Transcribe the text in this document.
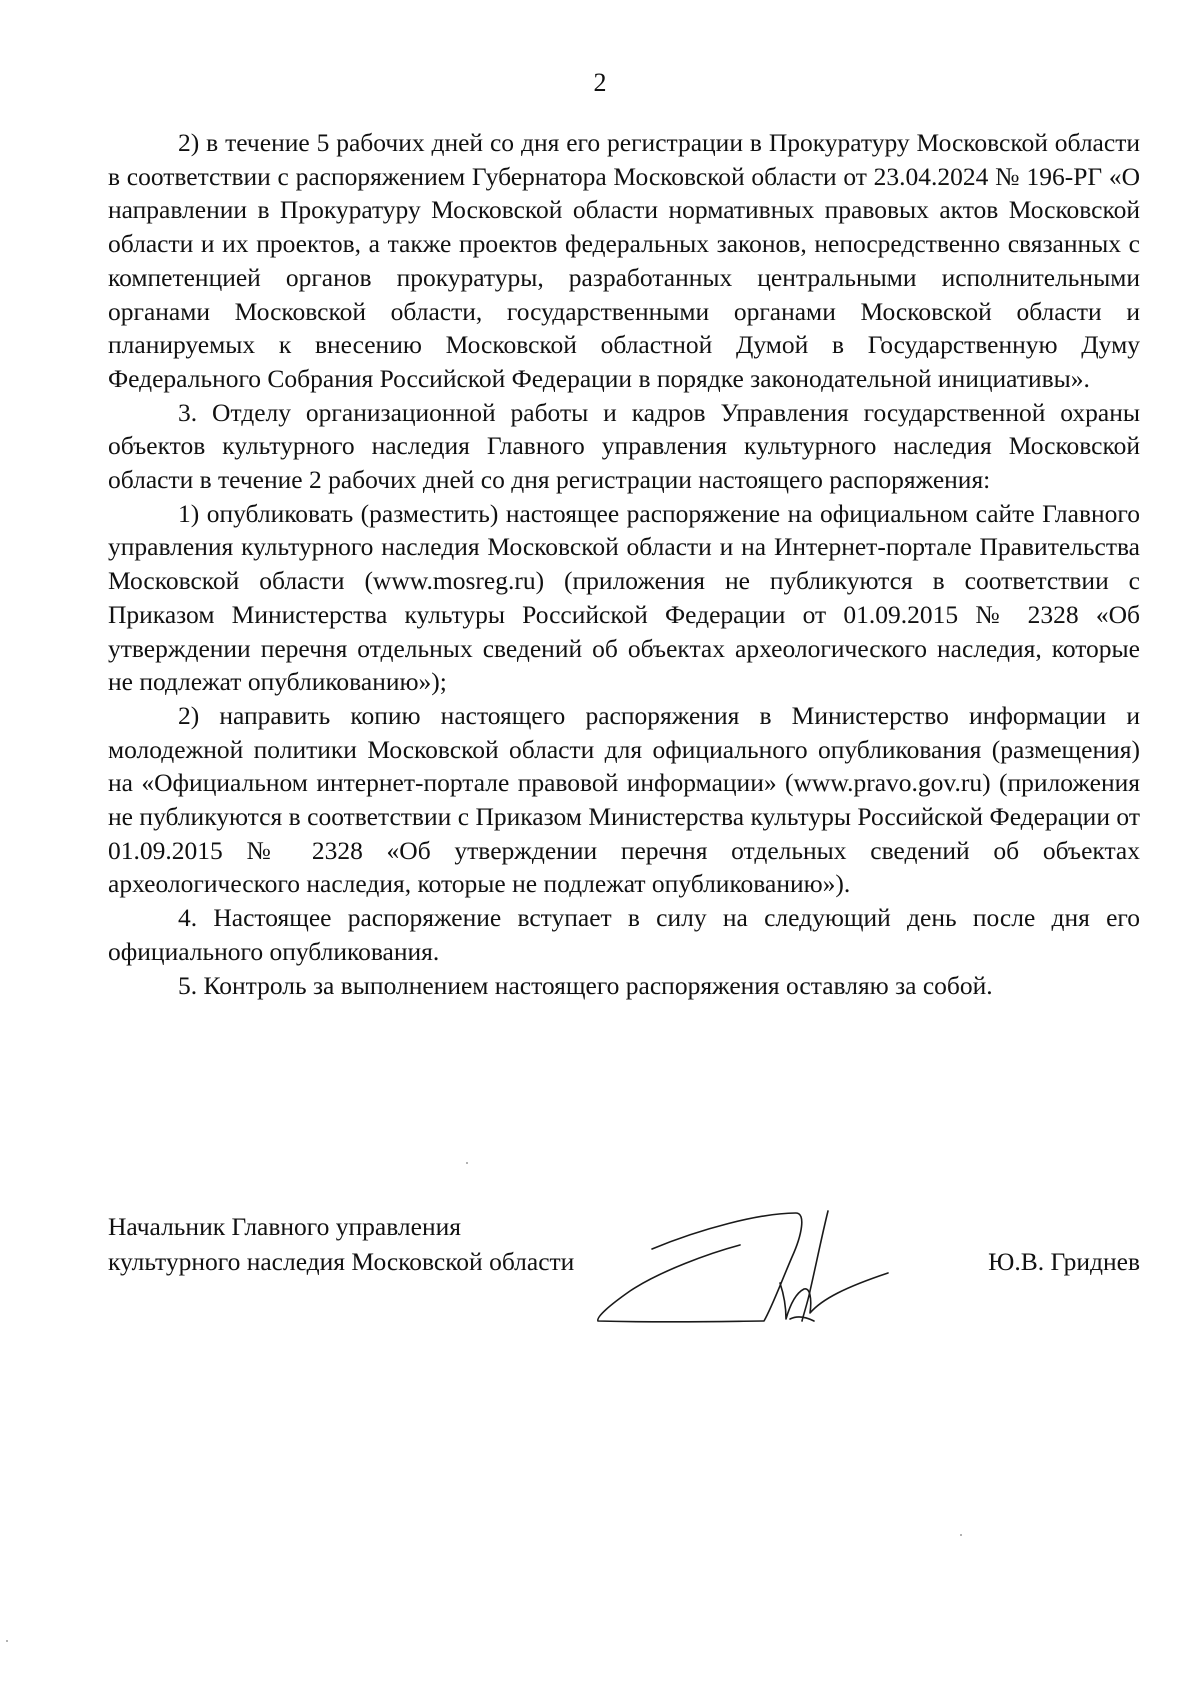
2

2) в течение 5 рабочих дней со дня его регистрации в Прокуратуру Московской области в соответствии с распоряжением Губернатора Московской области от 23.04.2024 № 196-РГ «О направлении в Прокуратуру Московской области нормативных правовых актов Московской области и их проектов, а также проектов федеральных законов, непосредственно связанных с компетенцией органов прокуратуры, разработанных центральными исполнительными органами Московской области, государственными органами Московской области и планируемых к внесению Московской областной Думой в Государственную Думу Федерального Собрания Российской Федерации в порядке законодательной инициативы».

3. Отделу организационной работы и кадров Управления государственной охраны объектов культурного наследия Главного управления культурного наследия Московской области в течение 2 рабочих дней со дня регистрации настоящего распоряжения:

1) опубликовать (разместить) настоящее распоряжение на официальном сайте Главного управления культурного наследия Московской области и на Интернет-портале Правительства Московской области (www.mosreg.ru) (приложения не публикуются в соответствии с Приказом Министерства культуры Российской Федерации от 01.09.2015 № 2328 «Об утверждении перечня отдельных сведений об объектах археологического наследия, которые не подлежат опубликованию»);

2) направить копию настоящего распоряжения в Министерство информации и молодежной политики Московской области для официального опубликования (размещения) на «Официальном интернет-портале правовой информации» (www.pravo.gov.ru) (приложения не публикуются в соответствии с Приказом Министерства культуры Российской Федерации от 01.09.2015 № 2328 «Об утверждении перечня отдельных сведений об объектах археологического наследия, которые не подлежат опубликованию»).

4. Настоящее распоряжение вступает в силу на следующий день после дня его официального опубликования.

5. Контроль за выполнением настоящего распоряжения оставляю за собой.

Начальник Главного управления
культурного наследия Московской области	Ю.В. Гриднев
